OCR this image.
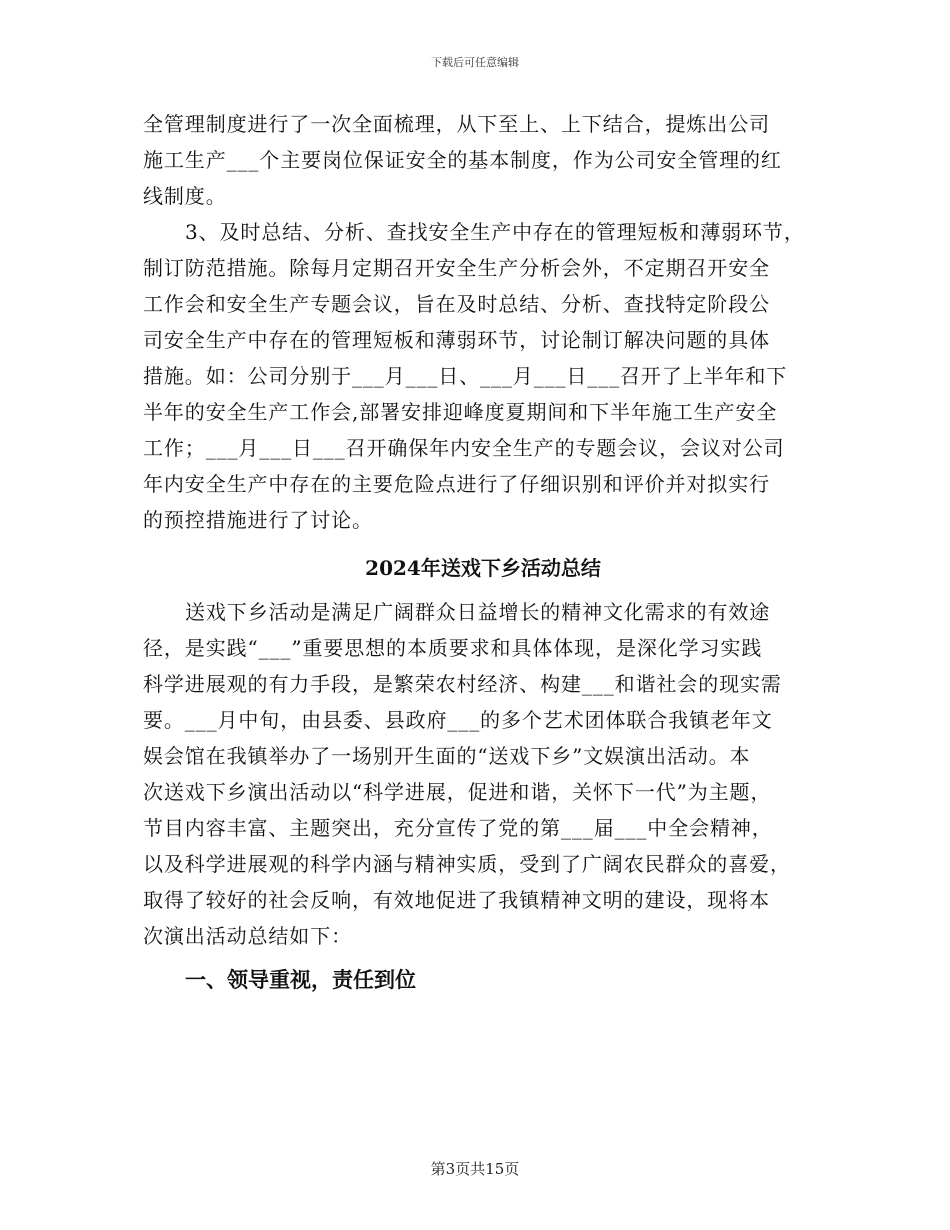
下载后可任意编辑
全管理制度进行了一次全面梳理，从下至上、上下结合，提炼出公司
施工生产___个主要岗位保证安全的基本制度，作为公司安全管理的红
线制度。
3、及时总结、分析、查找安全生产中存在的管理短板和薄弱环节，
制订防范措施。除每月定期召开安全生产分析会外，不定期召开安全
工作会和安全生产专题会议，旨在及时总结、分析、查找特定阶段公
司安全生产中存在的管理短板和薄弱环节，讨论制订解决问题的具体
措施。如：公司分别于___月___日、___月___日___召开了上半年和下
半年的安全生产工作会,部署安排迎峰度夏期间和下半年施工生产安全
工作；___月___日___召开确保年内安全生产的专题会议，会议对公司
年内安全生产中存在的主要危险点进行了仔细识别和评价并对拟实行
的预控措施进行了讨论。
2024年送戏下乡活动总结
送戏下乡活动是满足广阔群众日益增长的精神文化需求的有效途
径，是实践“___”重要思想的本质要求和具体体现，是深化学习实践
科学进展观的有力手段，是繁荣农村经济、构建___和谐社会的现实需
要。___月中旬，由县委、县政府___的多个艺术团体联合我镇老年文
娱会馆在我镇举办了一场别开生面的“送戏下乡”文娱演出活动。本
次送戏下乡演出活动以“科学进展，促进和谐，关怀下一代”为主题，
节目内容丰富、主题突出，充分宣传了党的第___届___中全会精神，
以及科学进展观的科学内涵与精神实质，受到了广阔农民群众的喜爱，
取得了较好的社会反响，有效地促进了我镇精神文明的建设，现将本
次演出活动总结如下：
一、领导重视，责任到位
第3页共15页
